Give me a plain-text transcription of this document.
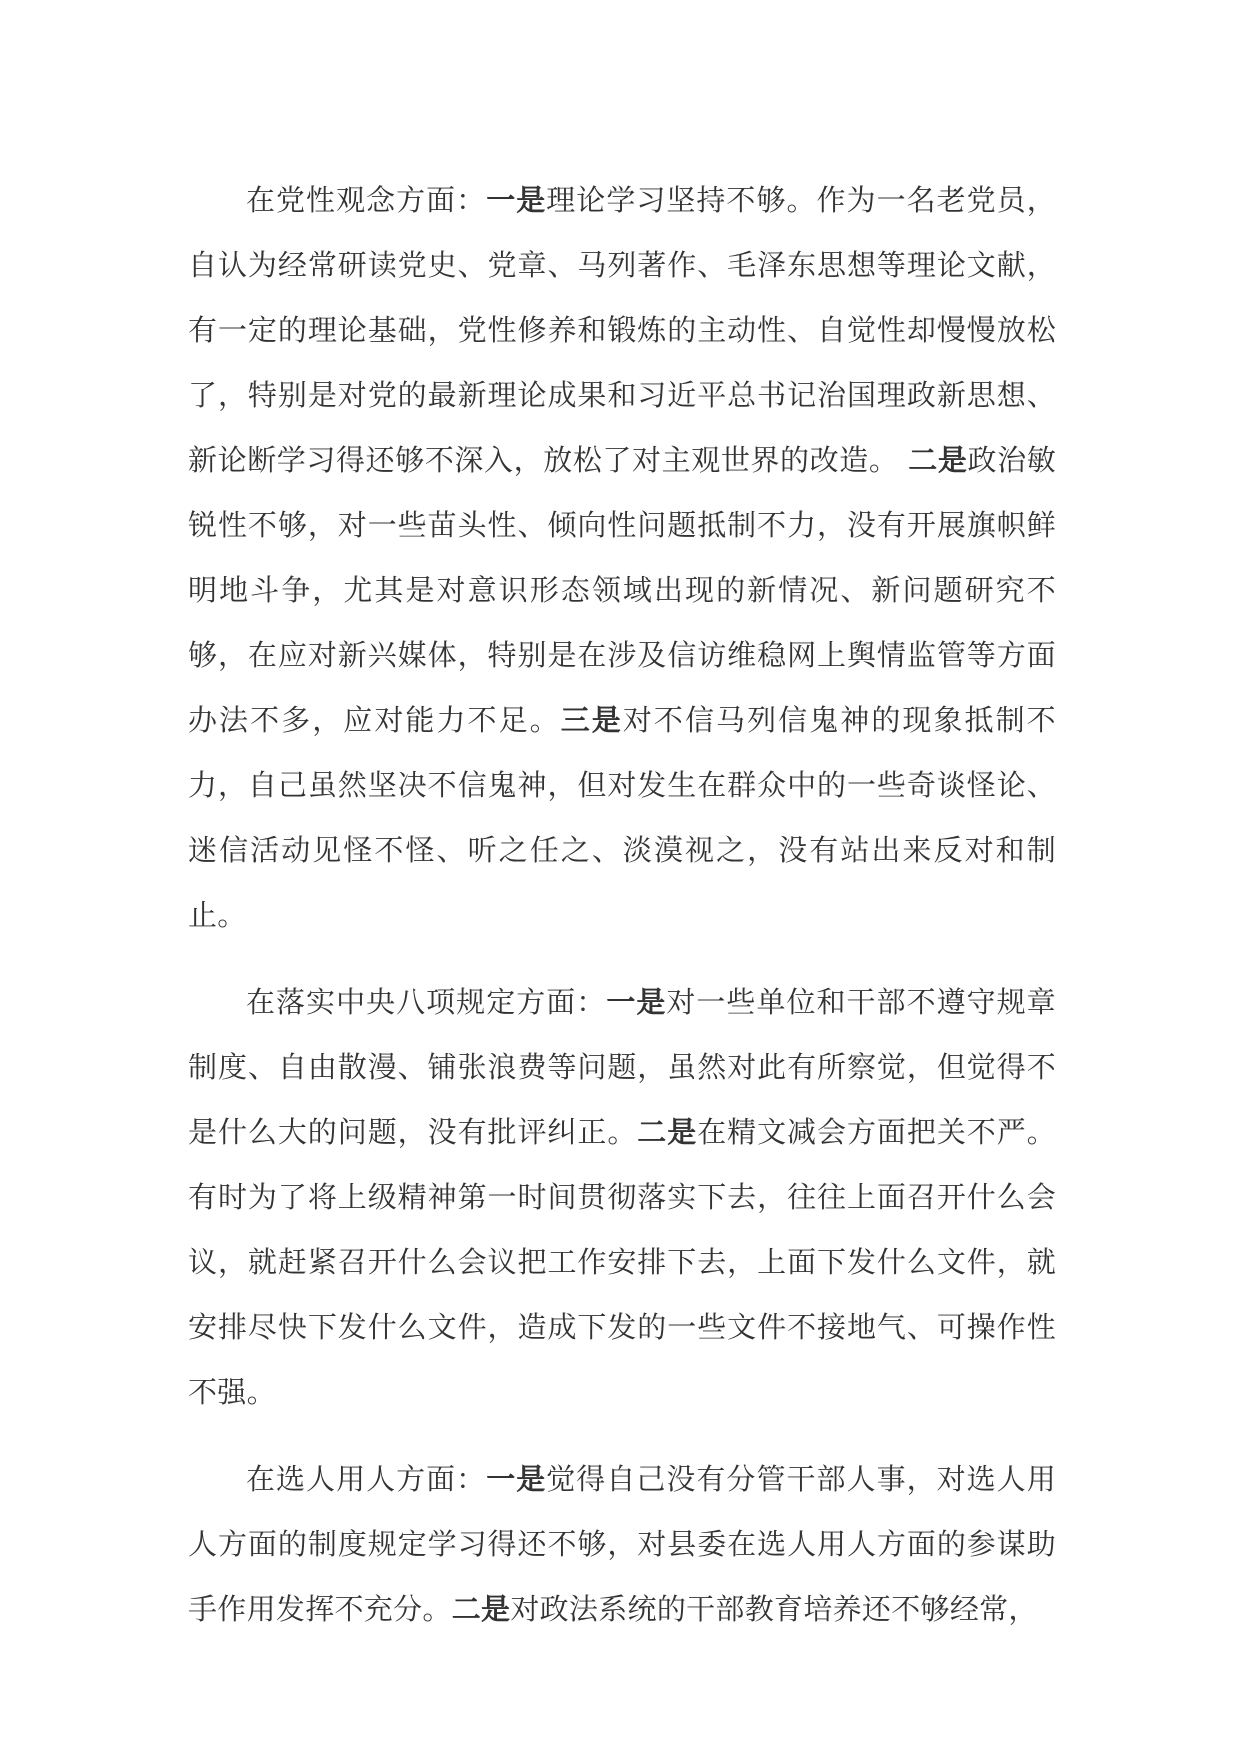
在党性观念方面：一是理论学习坚持不够。作为一名老党员，自认为经常研读党史、党章、马列著作、毛泽东思想等理论文献，有一定的理论基础，党性修养和锻炼的主动性、自觉性却慢慢放松了，特别是对党的最新理论成果和习近平总书记治国理政新思想、新论断学习得还够不深入，放松了对主观世界的改造。 二是政治敏锐性不够，对一些苗头性、倾向性问题抵制不力，没有开展旗帜鲜明地斗争，尤其是对意识形态领域出现的新情况、新问题研究不够，在应对新兴媒体，特别是在涉及信访维稳网上舆情监管等方面办法不多，应对能力不足。三是对不信马列信鬼神的现象抵制不力，自己虽然坚决不信鬼神，但对发生在群众中的一些奇谈怪论、迷信活动见怪不怪、听之任之、淡漠视之，没有站出来反对和制止。

在落实中央八项规定方面：一是对一些单位和干部不遵守规章制度、自由散漫、铺张浪费等问题，虽然对此有所察觉，但觉得不是什么大的问题，没有批评纠正。二是在精文减会方面把关不严。有时为了将上级精神第一时间贯彻落实下去，往往上面召开什么会议，就赶紧召开什么会议把工作安排下去，上面下发什么文件，就安排尽快下发什么文件，造成下发的一些文件不接地气、可操作性不强。

在选人用人方面：一是觉得自己没有分管干部人事，对选人用人方面的制度规定学习得还不够，对县委在选人用人方面的参谋助手作用发挥不充分。二是对政法系统的干部教育培养还不够经常，
